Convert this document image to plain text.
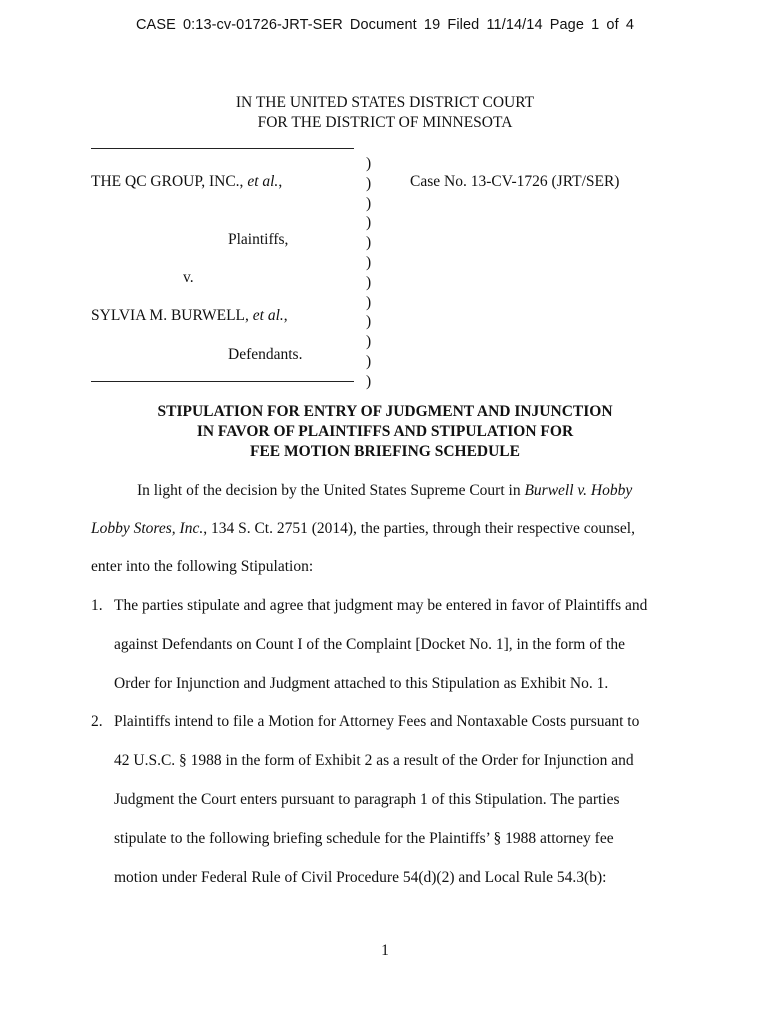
CASE 0:13-cv-01726-JRT-SER Document 19 Filed 11/14/14 Page 1 of 4
IN THE UNITED STATES DISTRICT COURT
FOR THE DISTRICT OF MINNESOTA
)
)
)
)
)
)
)
)
)
)
)
)
THE QC GROUP, INC., et al.,
Plaintiffs,
v.
SYLVIA M. BURWELL, et al.,
Defendants.
Case No. 13-CV-1726 (JRT/SER)
STIPULATION FOR ENTRY OF JUDGMENT AND INJUNCTION
IN FAVOR OF PLAINTIFFS AND STIPULATION FOR
FEE MOTION BRIEFING SCHEDULE
In light of the decision by the United States Supreme Court in Burwell v. Hobby
Lobby Stores, Inc., 134 S. Ct. 2751 (2014), the parties, through their respective counsel,
enter into the following Stipulation:
1. The parties stipulate and agree that judgment may be entered in favor of Plaintiffs and
against Defendants on Count I of the Complaint [Docket No. 1], in the form of the
Order for Injunction and Judgment attached to this Stipulation as Exhibit No. 1.
2. Plaintiffs intend to file a Motion for Attorney Fees and Nontaxable Costs pursuant to
42 U.S.C. § 1988 in the form of Exhibit 2 as a result of the Order for Injunction and
Judgment the Court enters pursuant to paragraph 1 of this Stipulation. The parties
stipulate to the following briefing schedule for the Plaintiffs’ § 1988 attorney fee
motion under Federal Rule of Civil Procedure 54(d)(2) and Local Rule 54.3(b):
1
